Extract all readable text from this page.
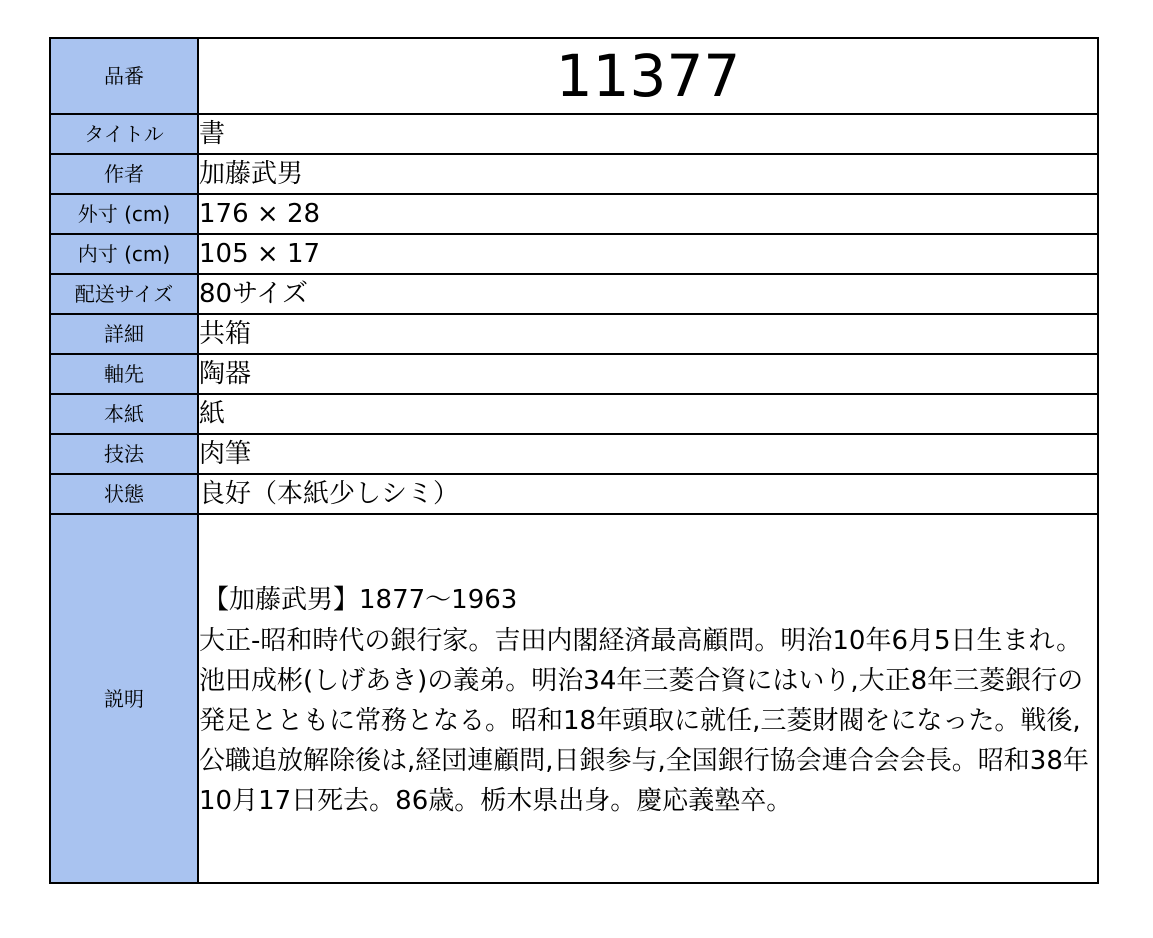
品番	11377
タイトル	書
作者	加藤武男
外寸 (cm)	176 × 28
内寸 (cm)	105 × 17
配送サイズ	80サイズ
詳細	共箱
軸先	陶器
本紙	紙
技法	肉筆
状態	良好（本紙少しシミ）
説明	【加藤武男】1877〜1963
大正-昭和時代の銀行家。吉田内閣経済最高顧問。明治10年6月5日生まれ。池田成彬(しげあき)の義弟。明治34年三菱合資にはいり,大正8年三菱銀行の発足とともに常務となる。昭和18年頭取に就任,三菱財閥をになった。戦後,公職追放解除後は,経団連顧問,日銀参与,全国銀行協会連合会会長。昭和38年10月17日死去。86歳。栃木県出身。慶応義塾卒。
